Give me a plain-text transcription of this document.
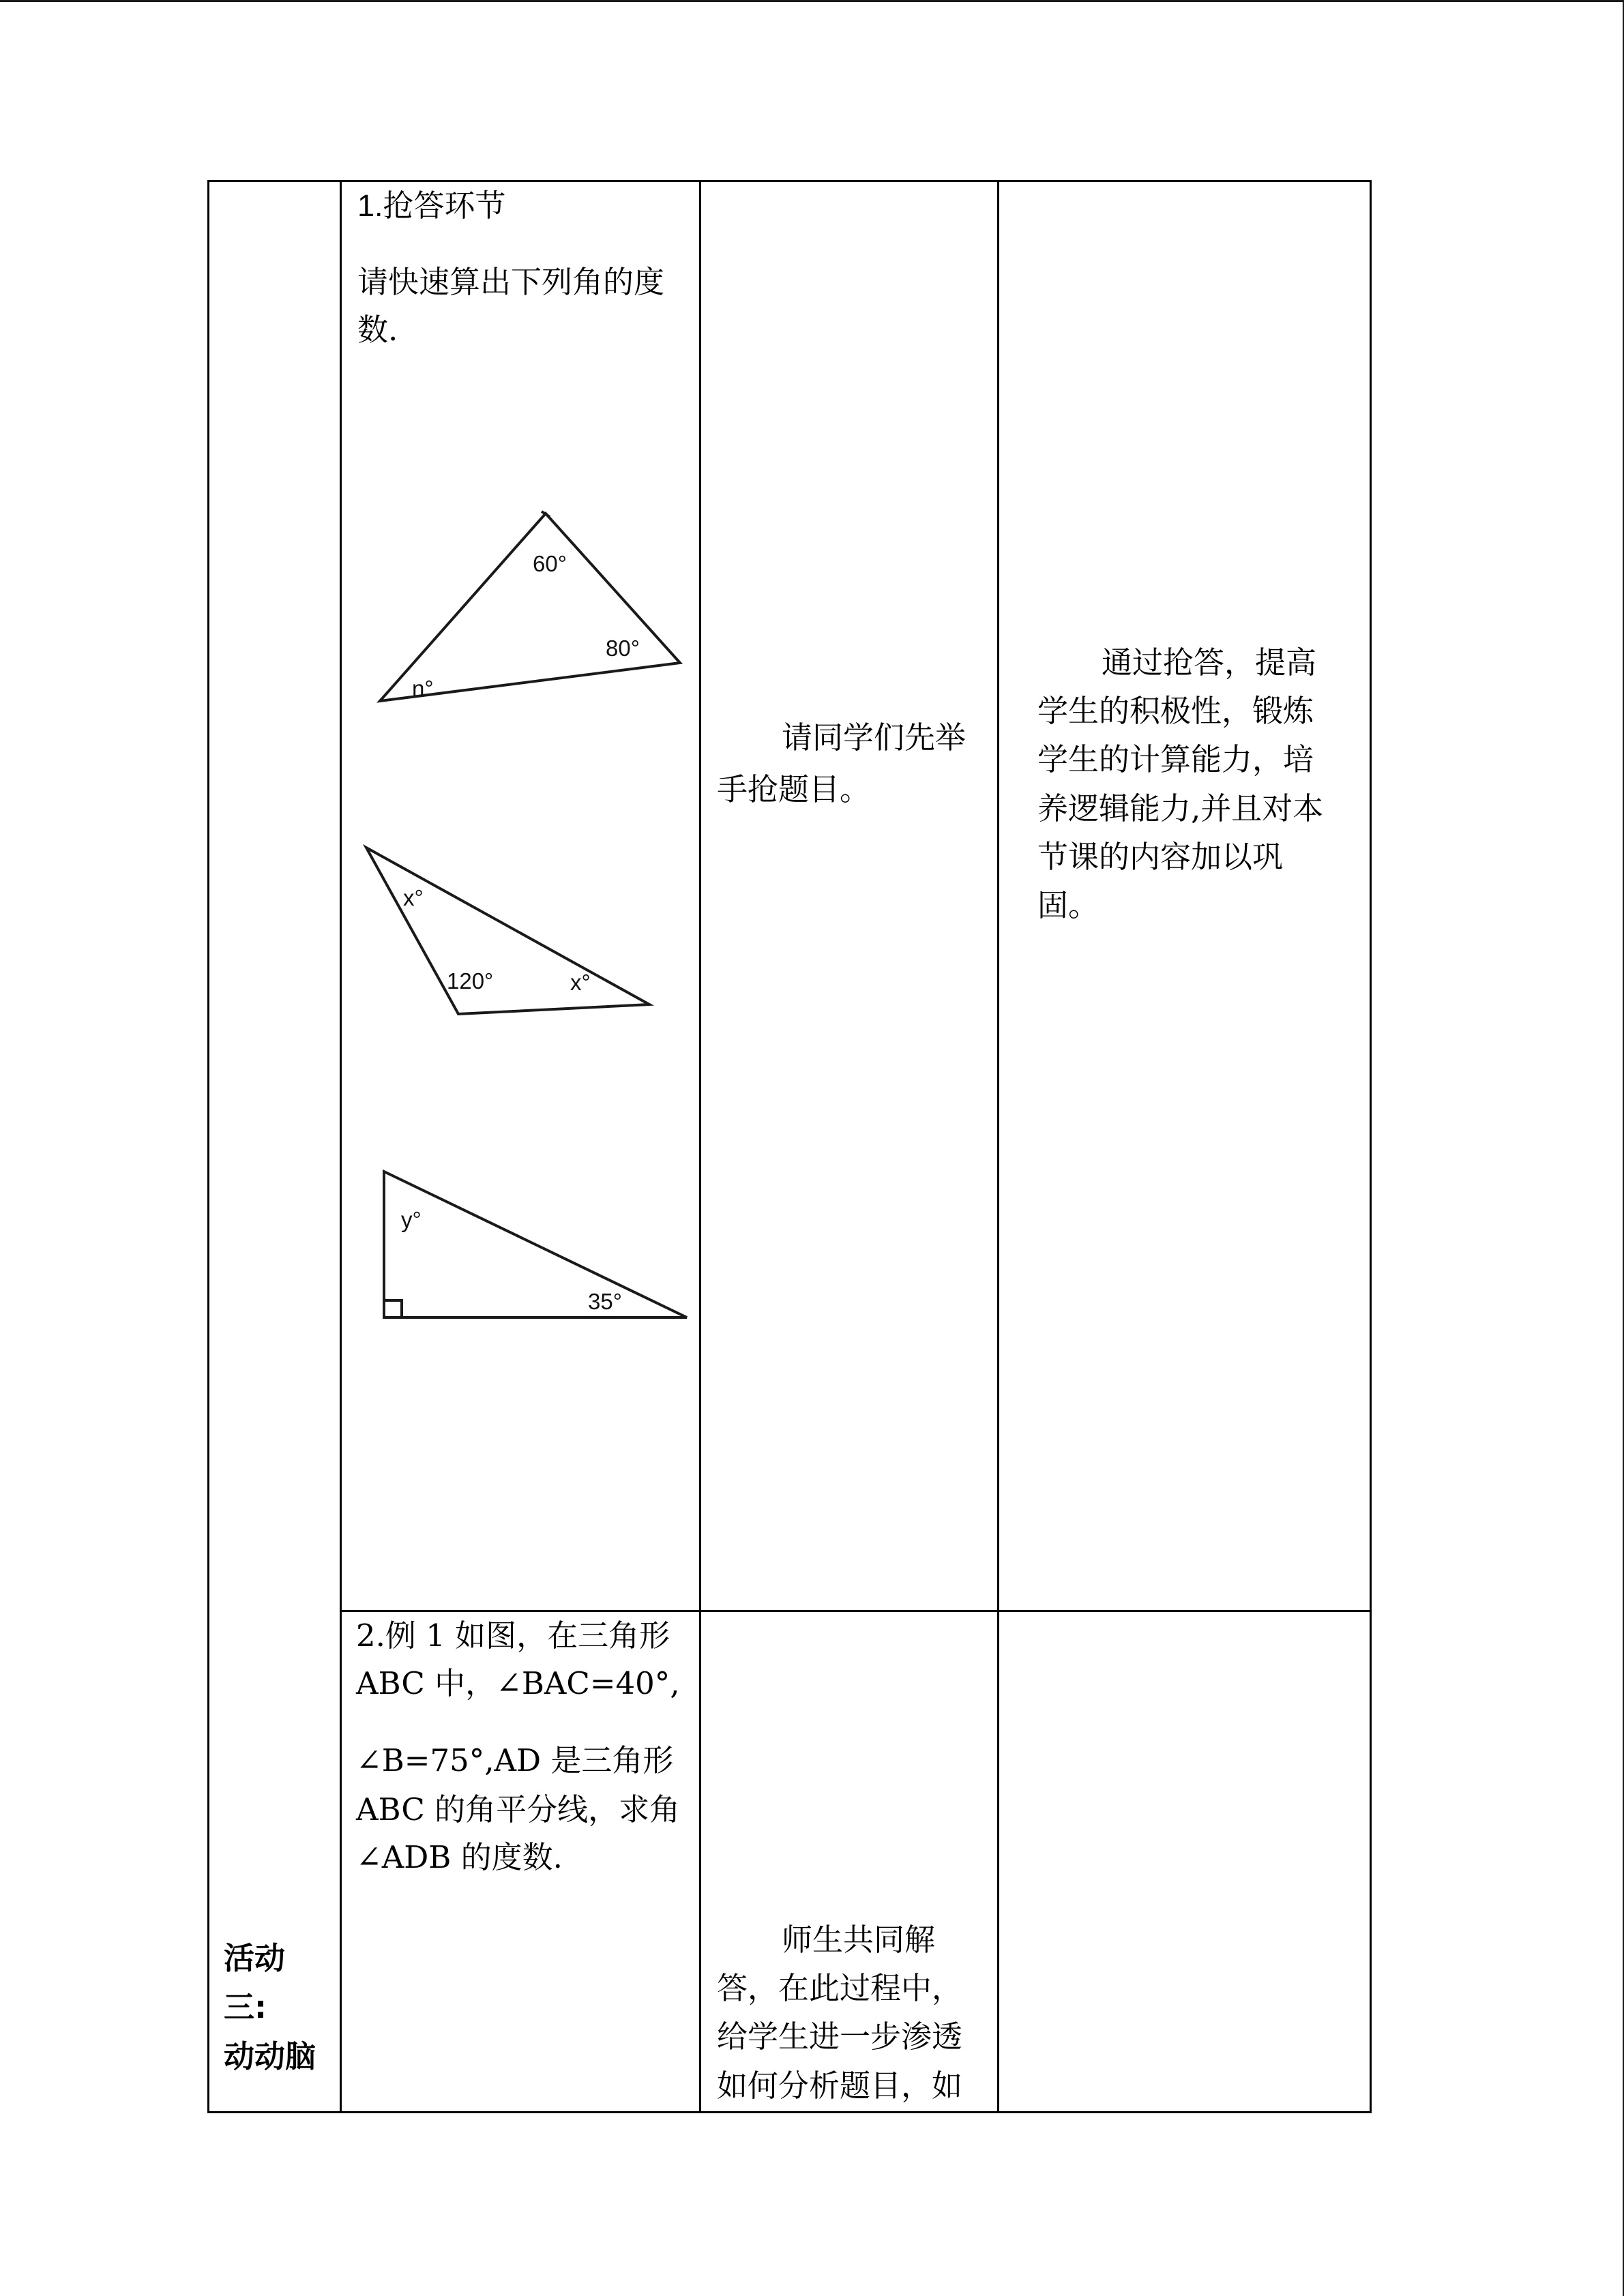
1.抢答环节
请快速算出下列角的度
数.
60°
80°
n°
x°
120°	x°
y°
35°
请同学们先举
手抢题目。
通过抢答，提高
学生的积极性，锻炼
学生的计算能力，培
养逻辑能力,并且对本
节课的内容加以巩
固。
活动
三:
动动脑
2.例 1 如图，在三角形
ABC 中，∠BAC=40°,
∠B=75°,AD 是三角形
ABC 的角平分线，求角
∠ADB 的度数.
师生共同解
答，在此过程中，
给学生进一步渗透
如何分析题目，如
